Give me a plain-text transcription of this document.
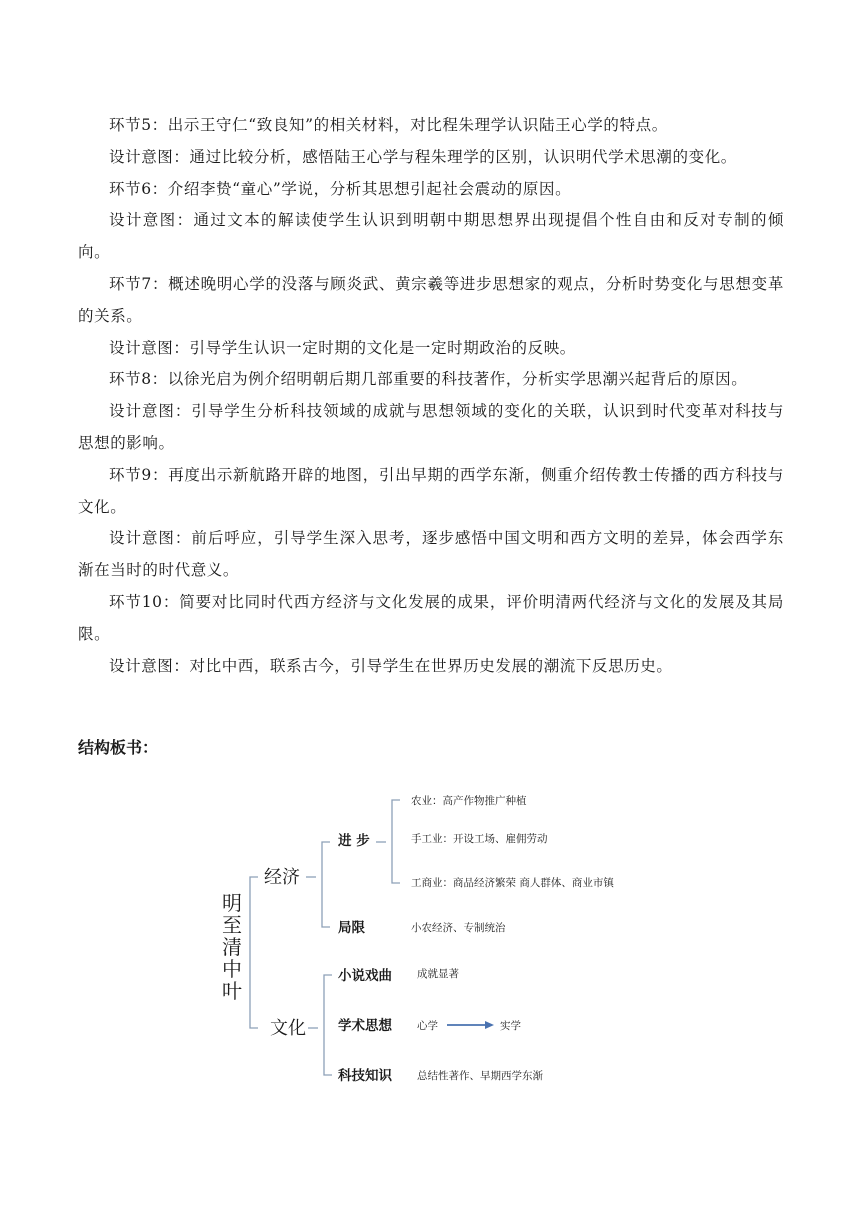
环节5：出示王守仁“致良知”的相关材料，对比程朱理学认识陆王心学的特点。

设计意图：通过比较分析，感悟陆王心学与程朱理学的区别，认识明代学术思潮的变化。

环节6：介绍李贽“童心”学说，分析其思想引起社会震动的原因。

设计意图：通过文本的解读使学生认识到明朝中期思想界出现提倡个性自由和反对专制的倾向。

环节7：概述晚明心学的没落与顾炎武、黄宗羲等进步思想家的观点，分析时势变化与思想变革的关系。

设计意图：引导学生认识一定时期的文化是一定时期政治的反映。

环节8：以徐光启为例介绍明朝后期几部重要的科技著作，分析实学思潮兴起背后的原因。

设计意图：引导学生分析科技领域的成就与思想领域的变化的关联，认识到时代变革对科技与思想的影响。

环节9：再度出示新航路开辟的地图，引出早期的西学东渐，侧重介绍传教士传播的西方科技与文化。

设计意图：前后呼应，引导学生深入思考，逐步感悟中国文明和西方文明的差异，体会西学东渐在当时的时代意义。

环节10：简要对比同时代西方经济与文化发展的成果，评价明清两代经济与文化的发展及其局限。

设计意图：对比中西，联系古今，引导学生在世界历史发展的潮流下反思历史。

结构板书：

明
至
清
中
叶
经济
文化
进 步
局限
农业：高产作物推广种植
手工业：开设工场、雇佣劳动
工商业：商品经济繁荣 商人群体、商业市镇
小农经济、专制统治
小说戏曲
学术思想
科技知识
成就显著
心学	实学
总结性著作、早期西学东渐
